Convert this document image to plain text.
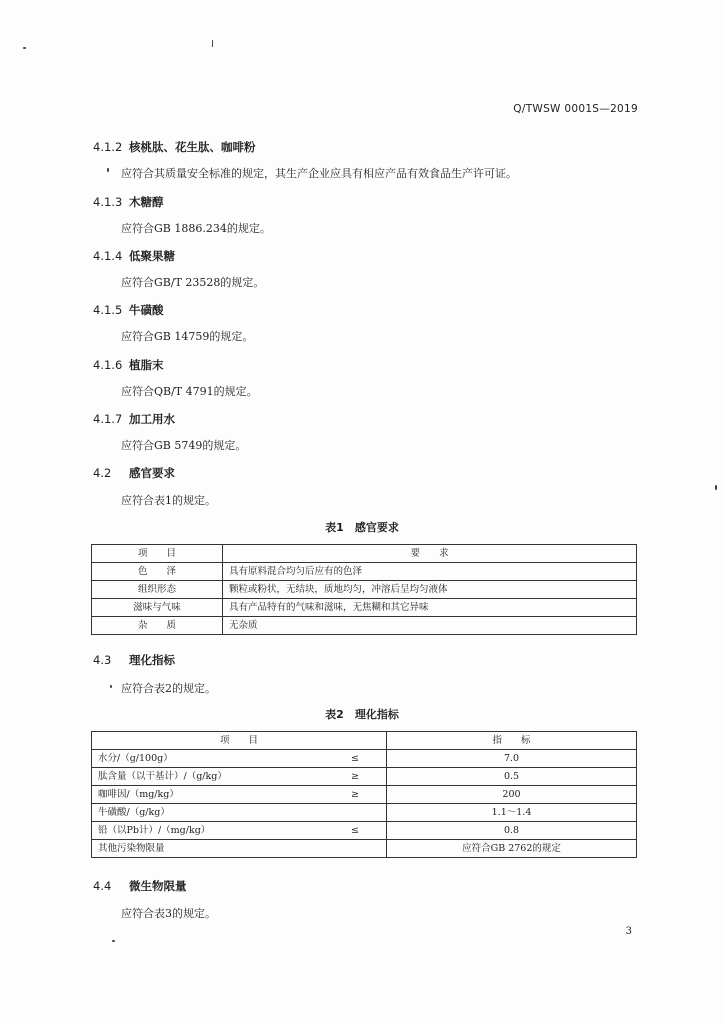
Q/TWSW 0001S—2019
4.1.2 核桃肽、花生肽、咖啡粉
应符合其质量安全标准的规定，其生产企业应具有相应产品有效食品生产许可证。
4.1.3 木糖醇
应符合GB 1886.234的规定。
4.1.4 低聚果糖
应符合GB/T 23528的规定。
4.1.5 牛磺酸
应符合GB 14759的规定。
4.1.6 植脂末
应符合QB/T 4791的规定。
4.1.7 加工用水
应符合GB 5749的规定。
4.2 感官要求
应符合表1的规定。
表1　感官要求
项　　目	要　　求
色　　泽	具有原料混合均匀后应有的色泽
组织形态	颗粒或粉状，无结块，质地均匀，冲溶后呈均匀液体
滋味与气味	具有产品特有的气味和滋味，无焦糊和其它异味
杂　　质	无杂质
4.3 理化指标
应符合表2的规定。
表2　理化指标
项　　目		指　　标
水分/（g/100g）	≤	7.0
肽含量（以干基计）/（g/kg）	≥	0.5
咖啡因/（mg/kg）	≥	200
牛磺酸/（g/kg）		1.1～1.4
铅（以Pb计）/（mg/kg）	≤	0.8
其他污染物限量		应符合GB 2762的规定
4.4 微生物限量
应符合表3的规定。
3
